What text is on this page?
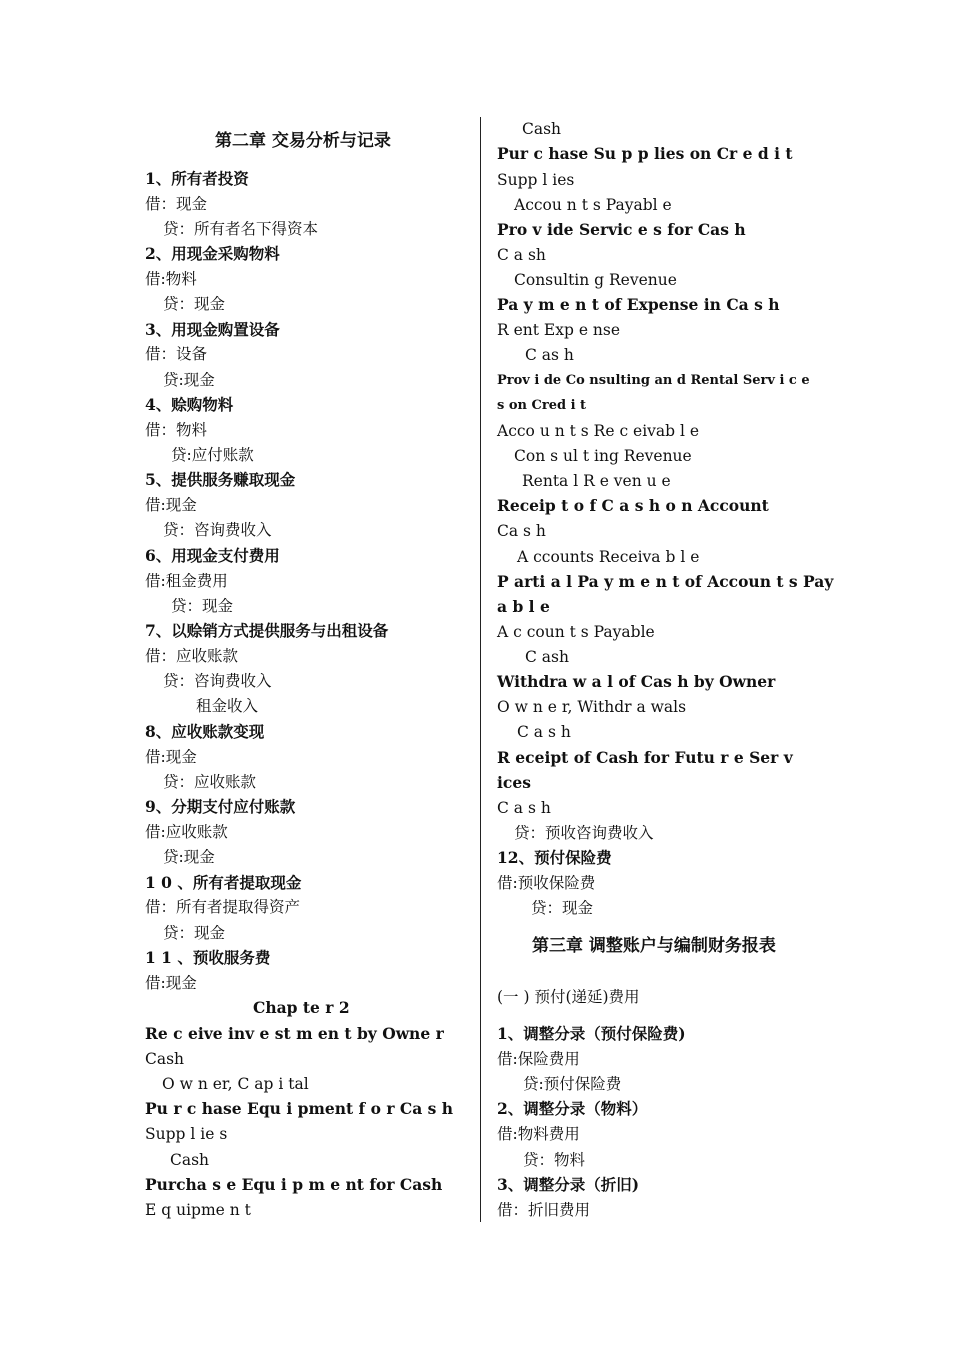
第二章 交易分析与记录
1、所有者投资
借：现金
贷：所有者名下得资本
2、用现金采购物料
借:物料
贷：现金
3、用现金购置设备
借：设备
贷:现金
4、赊购物料
借：物料
贷:应付账款
5、提供服务赚取现金
借:现金
贷：咨询费收入
6、用现金支付费用
借:租金费用
贷：现金
7、以赊销方式提供服务与出租设备
借：应收账款
贷：咨询费收入
租金收入
8、应收账款变现
借:现金
贷：应收账款
9、分期支付应付账款
借:应收账款
贷:现金
1 0 、所有者提取现金
借：所有者提取得资产
贷：现金
1 1 、预收服务费
借:现金
Chap te r 2
Re c eive inv e st m en t by Owne r
Cash
O w n er, C ap i tal
Pu r c hase Equ i pment f o r Ca s h
Supp l ie s
Cash
Purcha s e Equ i p m e nt for Cash
E q uipme n t
Cash
Pur c hase Su p p lies on Cr e d i t
Supp l ies
Accou n t s Payabl e
Pro v ide Servic e s for Cas h
C a sh
Consultin g Revenue
Pa y m e n t of Expense in Ca s h
R ent Exp e nse
C as h
Prov i de Co nsulting an d Rental Serv i c e
s on Cred i t
Acco u n t s Re c eivab l e
Con s ul t ing Revenue
Renta l R e ven u e
Receip t o f C a s h o n Account
Ca s h
A ccounts Receiva b l e
P arti a l Pa y m e n t of Accoun t s Pay
a b l e
A c coun t s Payable
C ash
Withdra w a l of Cas h by Owner
O w n e r, Withdr a wals
C a s h
R eceipt of Cash for Futu r e Ser v
ices
C a s h
贷：预收咨询费收入
12、预付保险费
借:预收保险费
贷：现金
第三章 调整账户与编制财务报表
(一 ) 预付(递延)费用
1、调整分录（预付保险费)
借:保险费用
贷:预付保险费
2、调整分录（物料）
借:物料费用
贷：物料
3、调整分录（折旧)
借：折旧费用
